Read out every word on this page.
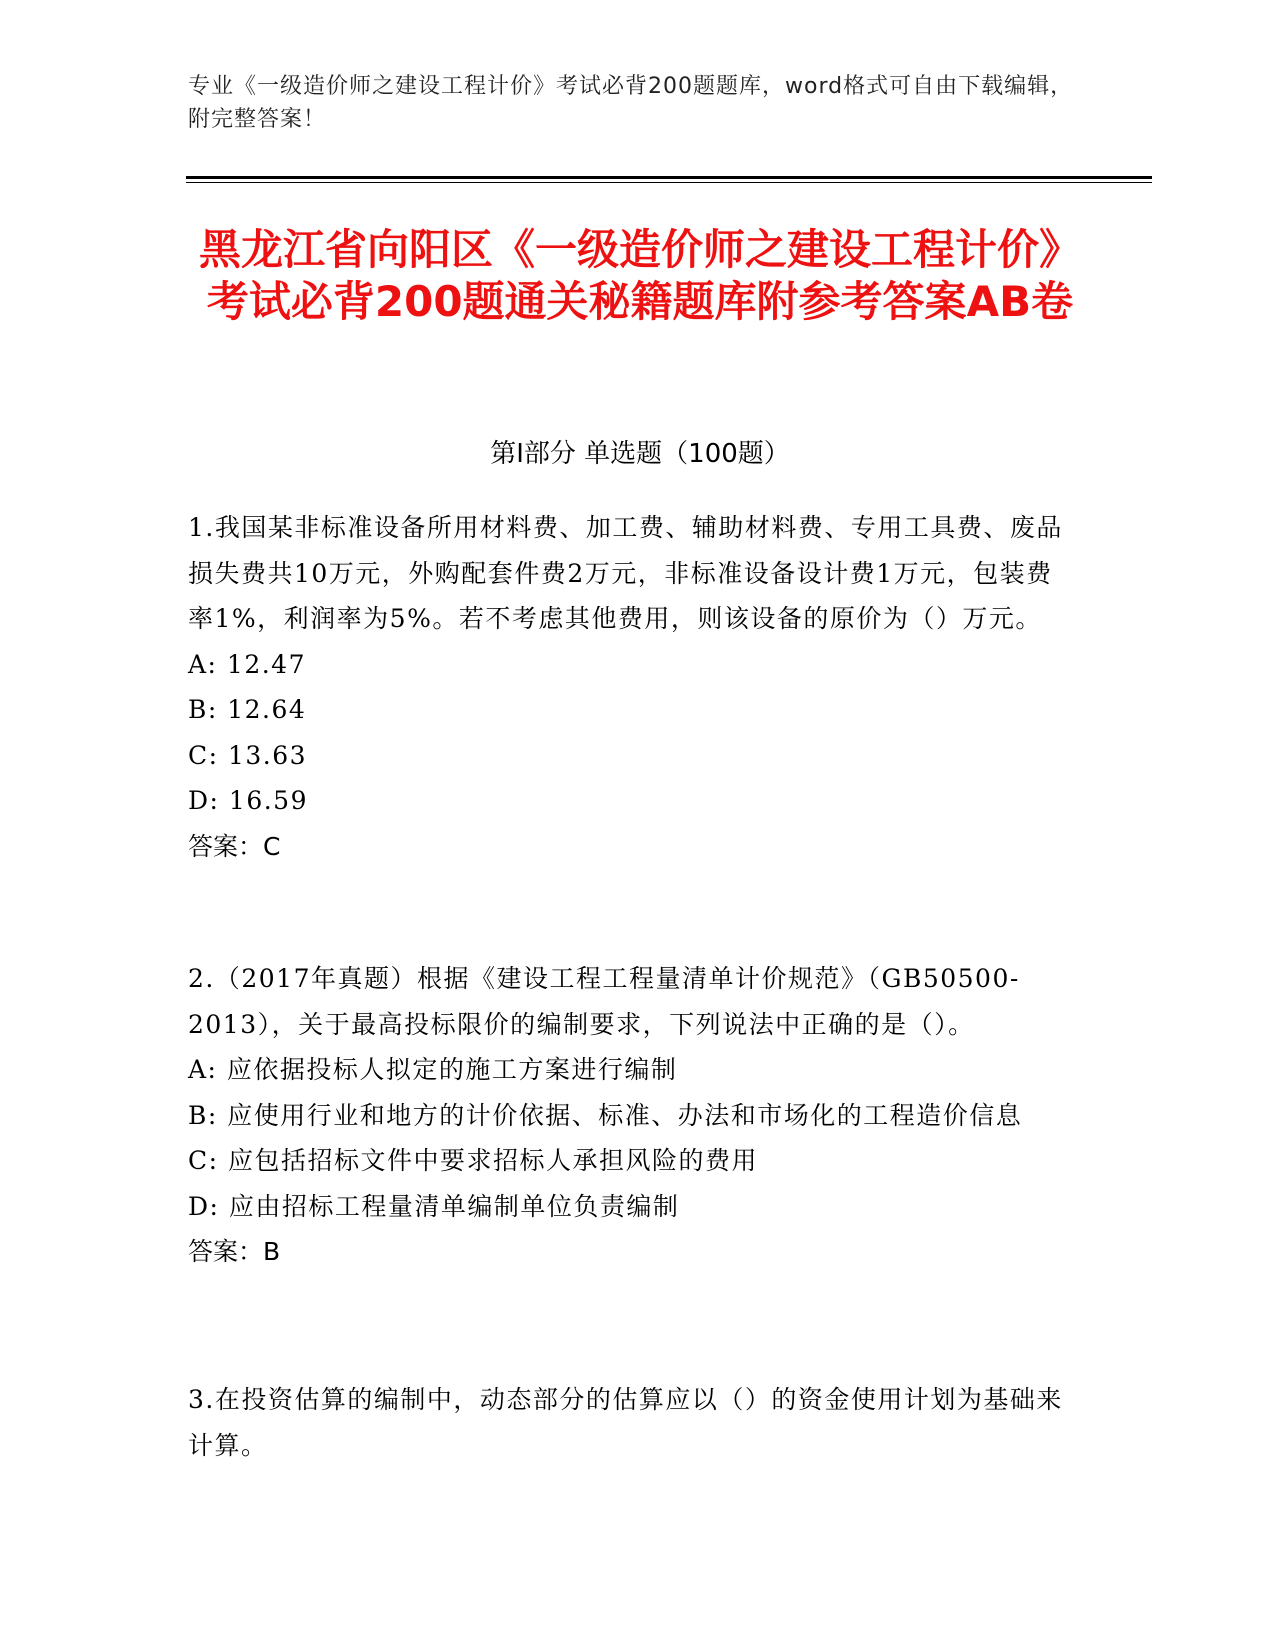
专业《一级造价师之建设工程计价》考试必背200题题库，word格式可自由下载编辑，附完整答案！
黑龙江省向阳区《一级造价师之建设工程计价》考试必背200题通关秘籍题库附参考答案AB卷
第Ⅰ部分 单选题（100题）

1.我国某非标准设备所用材料费、加工费、辅助材料费、专用工具费、废品损失费共10万元，外购配套件费2万元，非标准设备设计费1万元，包装费率1%，利润率为5%。若不考虑其他费用，则该设备的原价为（）万元。

A: 12.47

B: 12.64

C: 13.63

D: 16.59

答案：C

2.（2017年真题）根据《建设工程工程量清单计价规范》（GB50500-2013），关于最高投标限价的编制要求，下列说法中正确的是（）。

A: 应依据投标人拟定的施工方案进行编制

B: 应使用行业和地方的计价依据、标准、办法和市场化的工程造价信息

C: 应包括招标文件中要求招标人承担风险的费用

D: 应由招标工程量清单编制单位负责编制

答案：B

3.在投资估算的编制中，动态部分的估算应以（）的资金使用计划为基础来计算。
